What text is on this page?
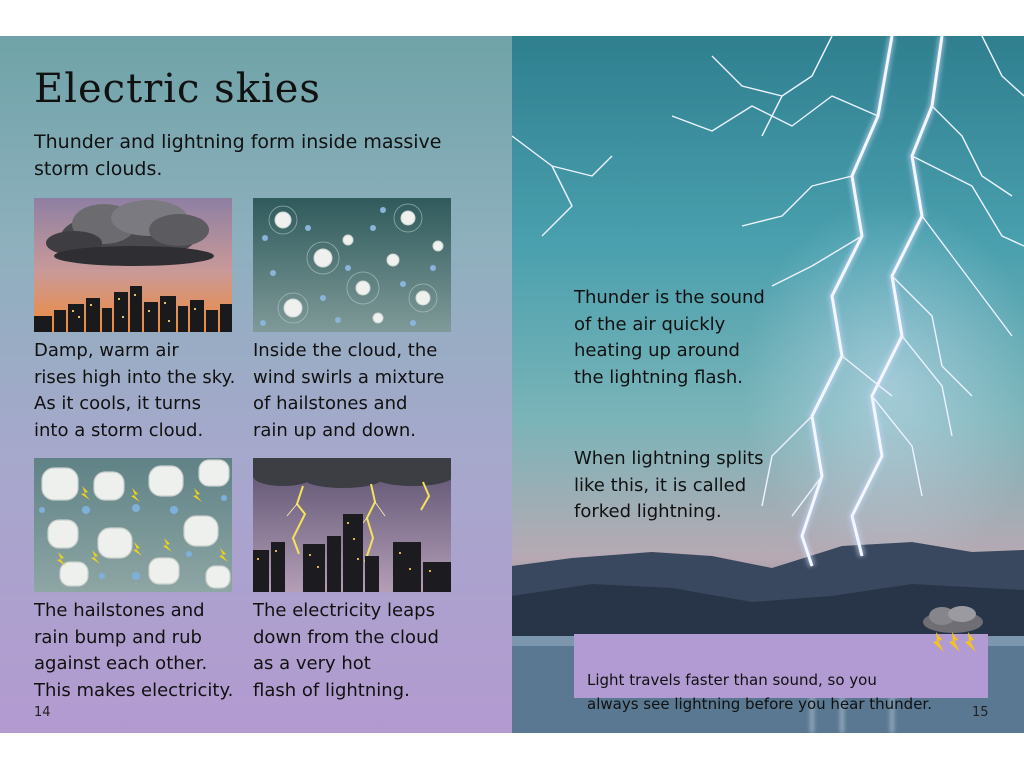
Electric skies
Thunder and lightning form inside massive storm clouds.
Damp, warm air
rises high into the sky.
As it cools, it turns
into a storm cloud.
Inside the cloud, the
wind swirls a mixture
of hailstones and
rain up and down.
The hailstones and
rain bump and rub
against each other.
This makes electricity.
The electricity leaps
down from the cloud
as a very hot
flash of lightning.
14
Thunder is the sound
of the air quickly
heating up around
the lightning flash.
When lightning splits
like this, it is called
forked lightning.

Light travels faster than sound, so you
always see lightning before you hear thunder.	15
